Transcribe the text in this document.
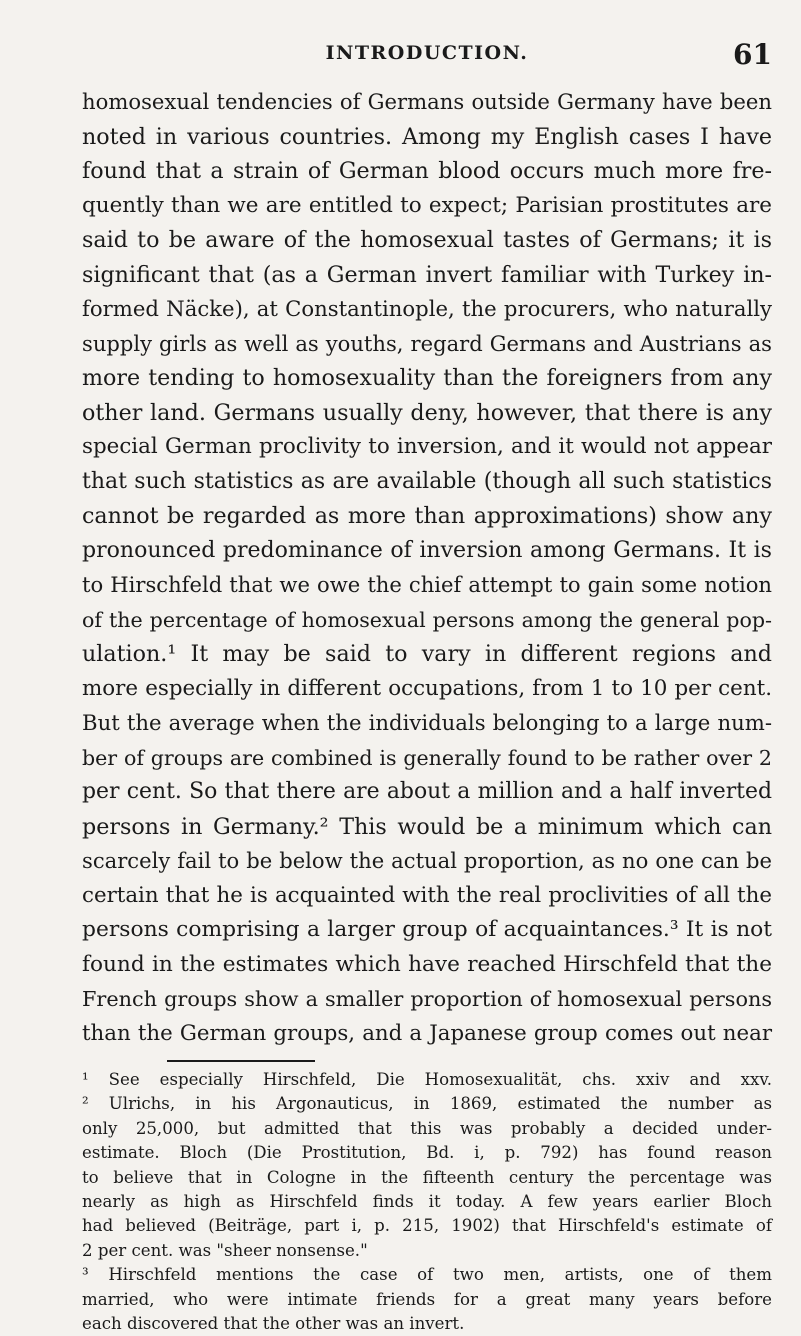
INTRODUCTION.	61
homosexual tendencies of Germans outside Germany have been
noted in various countries. Among my English cases I have
found that a strain of German blood occurs much more fre-
quently than we are entitled to expect; Parisian prostitutes are
said to be aware of the homosexual tastes of Germans; it is
significant that (as a German invert familiar with Turkey in-
formed Näcke), at Constantinople, the procurers, who naturally
supply girls as well as youths, regard Germans and Austrians as
more tending to homosexuality than the foreigners from any
other land. Germans usually deny, however, that there is any
special German proclivity to inversion, and it would not appear
that such statistics as are available (though all such statistics
cannot be regarded as more than approximations) show any
pronounced predominance of inversion among Germans. It is
to Hirschfeld that we owe the chief attempt to gain some notion
of the percentage of homosexual persons among the general pop-
ulation.¹ It may be said to vary in different regions and
more especially in different occupations, from 1 to 10 per cent.
But the average when the individuals belonging to a large num-
ber of groups are combined is generally found to be rather over 2
per cent. So that there are about a million and a half inverted
persons in Germany.² This would be a minimum which can
scarcely fail to be below the actual proportion, as no one can be
certain that he is acquainted with the real proclivities of all the
persons comprising a larger group of acquaintances.³ It is not
found in the estimates which have reached Hirschfeld that the
French groups show a smaller proportion of homosexual persons
than the German groups, and a Japanese group comes out near
¹ See especially Hirschfeld, Die Homosexualität, chs. xxiv and xxv.
² Ulrichs, in his Argonauticus, in 1869, estimated the number as
only 25,000, but admitted that this was probably a decided under-
estimate. Bloch (Die Prostitution, Bd. i, p. 792) has found reason
to believe that in Cologne in the fifteenth century the percentage was
nearly as high as Hirschfeld finds it today. A few years earlier Bloch
had believed (Beiträge, part i, p. 215, 1902) that Hirschfeld's estimate of
2 per cent. was "sheer nonsense."
³ Hirschfeld mentions the case of two men, artists, one of them
married, who were intimate friends for a great many years before
each discovered that the other was an invert.
